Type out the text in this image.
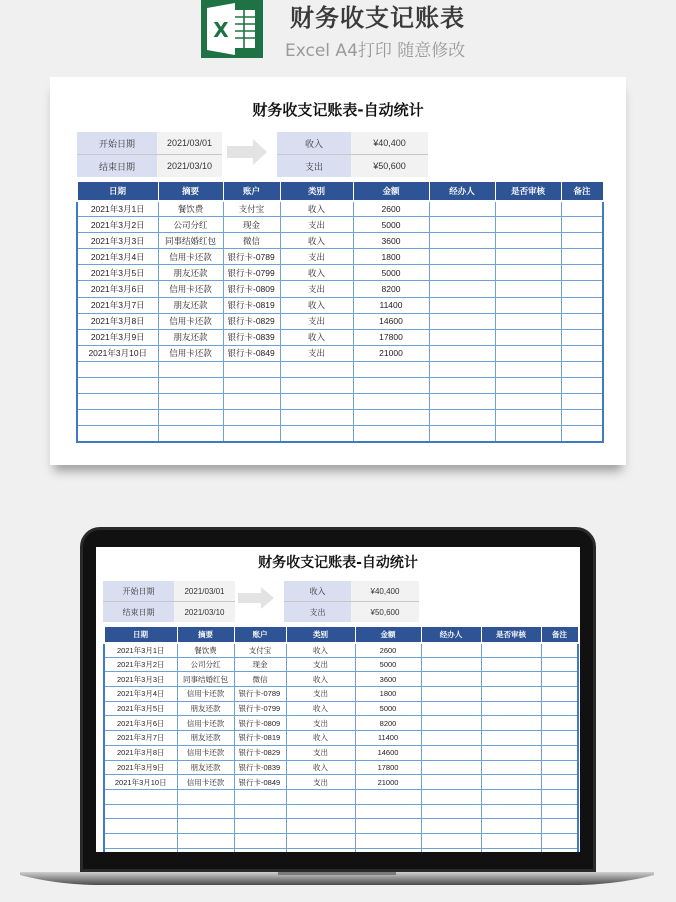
X	财务收支记账表
Excel A4打印 随意修改
财务收支记账表-自动统计
开始日期	2021/03/01
结束日期	2021/03/10
收入	¥40,400
支出	¥50,600
日期	摘要	账户	类别	金额	经办人	是否审核	备注
2021年3月1日	餐饮费	支付宝	收入	2600			
2021年3月2日	公司分红	现金	支出	5000			
2021年3月3日	同事结婚红包	微信	收入	3600			
2021年3月4日	信用卡还款	银行卡-0789	支出	1800			
2021年3月5日	朋友还款	银行卡-0799	收入	5000			
2021年3月6日	信用卡还款	银行卡-0809	支出	8200			
2021年3月7日	朋友还款	银行卡-0819	收入	11400			
2021年3月8日	信用卡还款	银行卡-0829	支出	14600			
2021年3月9日	朋友还款	银行卡-0839	收入	17800			
2021年3月10日	信用卡还款	银行卡-0849	支出	21000			

财务收支记账表-自动统计
开始日期	2021/03/01
结束日期	2021/03/10
收入	¥40,400
支出	¥50,600
日期	摘要	账户	类别	金额	经办人	是否审核	备注
2021年3月1日	餐饮费	支付宝	收入	2600			
2021年3月2日	公司分红	现金	支出	5000			
2021年3月3日	同事结婚红包	微信	收入	3600			
2021年3月4日	信用卡还款	银行卡-0789	支出	1800			
2021年3月5日	朋友还款	银行卡-0799	收入	5000			
2021年3月6日	信用卡还款	银行卡-0809	支出	8200			
2021年3月7日	朋友还款	银行卡-0819	收入	11400			
2021年3月8日	信用卡还款	银行卡-0829	支出	14600			
2021年3月9日	朋友还款	银行卡-0839	收入	17800			
2021年3月10日	信用卡还款	银行卡-0849	支出	21000			
